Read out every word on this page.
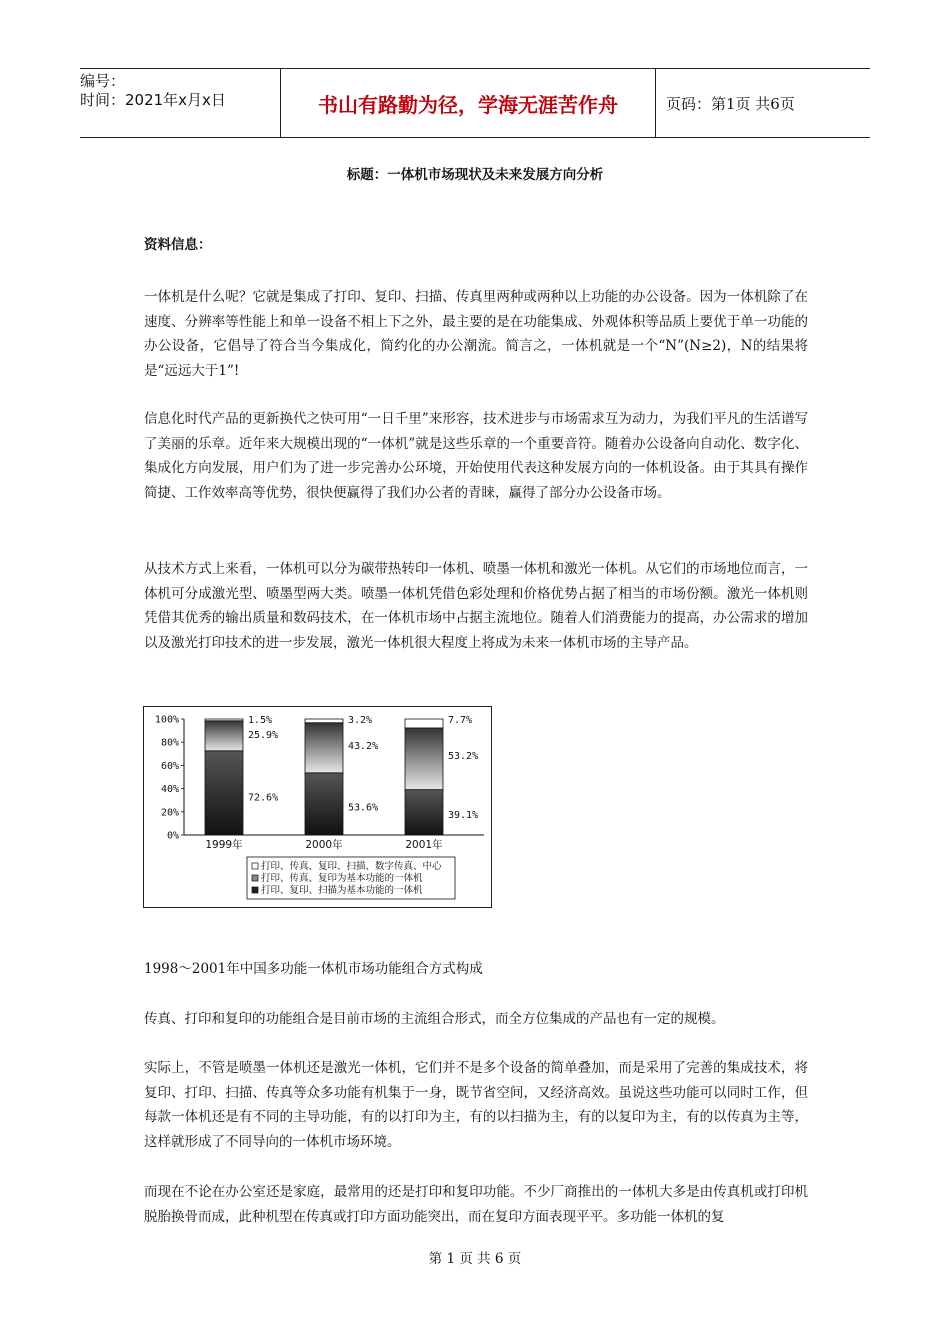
编号：
时间：2021年x月x日	书山有路勤为径，学海无涯苦作舟	页码：第1页 共6页
标题：一体机市场现状及未来发展方向分析

资料信息：

一体机是什么呢？它就是集成了打印、复印、扫描、传真里两种或两种以上功能的办公设备。因为一体机除了在速度、分辨率等性能上和单一设备不相上下之外，最主要的是在功能集成、外观体积等品质上要优于单一功能的办公设备，它倡导了符合当今集成化，简约化的办公潮流。简言之，一体机就是一个“N”(N≥2)，N的结果将是“远远大于1”!

信息化时代产品的更新换代之快可用“一日千里”来形容，技术进步与市场需求互为动力，为我们平凡的生活谱写了美丽的乐章。近年来大规模出现的“一体机”就是这些乐章的一个重要音符。随着办公设备向自动化、数字化、集成化方向发展，用户们为了进一步完善办公环境，开始使用代表这种发展方向的一体机设备。由于其具有操作简捷、工作效率高等优势，很快便赢得了我们办公者的青睐，赢得了部分办公设备市场。

从技术方式上来看，一体机可以分为碳带热转印一体机、喷墨一体机和激光一体机。从它们的市场地位而言，一体机可分成激光型、喷墨型两大类。喷墨一体机凭借色彩处理和价格优势占据了相当的市场份额。激光一体机则凭借其优秀的输出质量和数码技术，在一体机市场中占据主流地位。随着人们消费能力的提高，办公需求的增加以及激光打印技术的进一步发展，激光一体机很大程度上将成为未来一体机市场的主导产品。

100%
80%
60%
40%
20%
0%
72.6%
25.9%
1.5%
1999年
53.6%
43.2%
3.2%
2000年
39.1%
53.2%
7.7%
2001年
打印、传真、复印、扫描、数字传真、中心
打印、传真、复印为基本功能的一体机
打印、复印、扫描为基本功能的一体机

1998～2001年中国多功能一体机市场功能组合方式构成

传真、打印和复印的功能组合是目前市场的主流组合形式，而全方位集成的产品也有一定的规模。

实际上，不管是喷墨一体机还是激光一体机，它们并不是多个设备的简单叠加，而是采用了完善的集成技术，将复印、打印、扫描、传真等众多功能有机集于一身，既节省空间，又经济高效。虽说这些功能可以同时工作，但每款一体机还是有不同的主导功能，有的以打印为主，有的以扫描为主，有的以复印为主，有的以传真为主等，这样就形成了不同导向的一体机市场环境。

而现在不论在办公室还是家庭，最常用的还是打印和复印功能。不少厂商推出的一体机大多是由传真机或打印机脱胎换骨而成，此种机型在传真或打印方面功能突出，而在复印方面表现平平。多功能一体机的复

第 1 页 共 6 页
